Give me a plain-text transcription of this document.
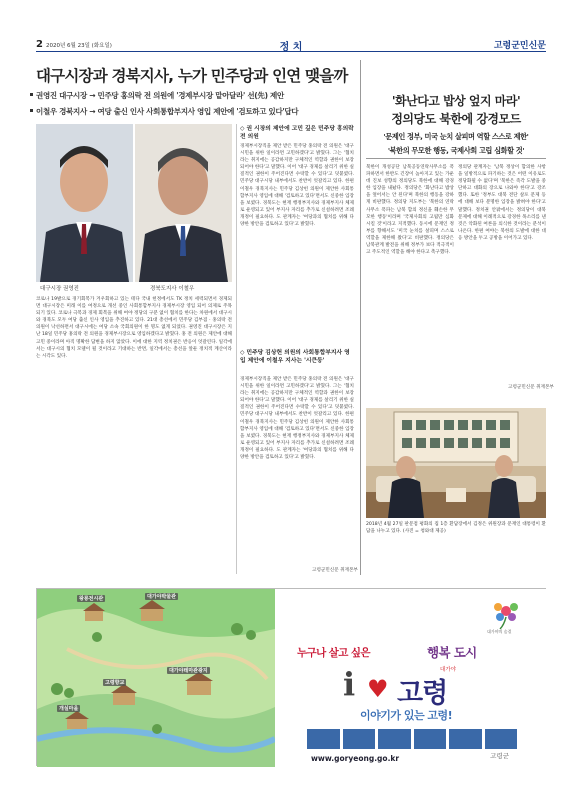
2 2020년 6월 23일 (화요일)	정 치	고령군민신문
대구시장과 경북지사, 누가 민주당과 인연 맺을까
권영진 대구시장 → 민주당 홍의락 전 의원에 '경제부시장 맡아달라' 선(先) 제안
이철우 경북지사 → 여당 출신 인사 사회통합부지사 영입 제안에 '검토하고 있다'답다
대구시장 권영진	경북도지사 이철우
◇ 권 시장의 제안에 고민 깊은 민주당 홍의락 전 의원
경제부시장직을 제안 받은 민주당 홍의락 전 의원은 '대구 시민을 위한 일이라면 고민하겠다'고 밝혔다. 그는 '협치라는 취지에는 공감하지만 구체적인 역할과 권한이 보장되어야 한다'고 말했다. 이어 '대구 경제를 살리기 위한 실질적인 권한이 주어진다면 수락할 수 있다'고 덧붙였다. 민주당 대구시당 내부에서도 찬반이 엇갈리고 있다. 한편 이철우 경북지사는 민주당 김상헌 의원이 제안한 사회통합부지사 영입에 대해 '검토하고 있다'면서도 신중한 입장을 보였다. 경북도는 현재 행정부지사와 경제부지사 체제로 운영되고 있어 부지사 자리를 추가로 신설하려면 조례 개정이 필요하다. 도 관계자는 '여당과의 협치를 위해 다양한 방안을 검토하고 있다'고 밝혔다.
◇ 민주당 김상헌 의원의 사회통합부지사 영입 제안에 이철우 지사는 '시큰둥'
경제부시장직을 제안 받은 민주당 홍의락 전 의원은 '대구 시민을 위한 일이라면 고민하겠다'고 밝혔다. 그는 '협치라는 취지에는 공감하지만 구체적인 역할과 권한이 보장되어야 한다'고 말했다. 이어 '대구 경제를 살리기 위한 실질적인 권한이 주어진다면 수락할 수 있다'고 덧붙였다. 민주당 대구시당 내부에서도 찬반이 엇갈리고 있다. 한편 이철우 경북지사는 민주당 김상헌 의원이 제안한 사회통합부지사 영입에 대해 '검토하고 있다'면서도 신중한 입장을 보였다. 경북도는 현재 행정부지사와 경제부지사 체제로 운영되고 있어 부지사 자리를 추가로 신설하려면 조례 개정이 필요하다. 도 관계자는 '여당과의 협치를 위해 다양한 방안을 검토하고 있다'고 밝혔다.
고령군민신문 취재본부
코로나 19발으로 경기회복가 겨우회하고 있는 테다 국내 헌정에서도 TK 정치 세력되면서 경제되면 대구시장은 미래 이를 여정으로 개선 중인 사회통합부지사 경제부시장 영입 되어 의제로 주목 되기 있다. 코로나 극복과 경제 회복을 위해 여야 정당의 구분 없이 협치를 한다는 차원에서 대구시와 경북도 모두 여당 출신 인사 영입을 추진하고 있다. 21대 총선에서 민주당 김부겸 · 홍의락 전 의원이 낙선하면서 대구시에는 여당 소속 국회의원이 한 명도 없게 되었다. 권영진 대구시장은 지난 18일 민주당 홍의락 전 의원을 경제부시장으로 영입하겠다고 밝혔다. 홍 전 의원은 제안에 대해 고민 중이라며 아직 명확한 답변을 하지 않았다. 이에 대한 지역 정치권은 반응이 엇갈린다. 일각에서는 대구시의 협치 모델이 될 것이라고 기대하는 반면, 일각에서는 총선을 앞둔 정치적 계산이라는 시각도 있다.
'화난다고 밥상 엎지 마라'
정의당도 북한에 강경모드
'문제인 정부, 미국 눈치 살피며 역할 스스로 제한'
'북한의 무모한 행동, 국제사회 고립 심화할 것'
북한이 개성공단 남북공동연락사무소를 폭파하면서 한반도 긴장이 높아지고 있는 가운데 진보 성향의 정의당도 북한에 대해 강경한 입장을 내놨다. 정의당은 '화난다고 밥상을 엎어서는 안 된다'며 북한의 행동을 강하게 비판했다. 정의당 지도부는 '북한의 연락사무소 폭파는 남북 합의 정신을 훼손한 무모한 행동'이라며 '국제사회의 고립만 심화시킬 것'이라고 지적했다. 동시에 문재인 정부를 향해서도 '미국 눈치를 살피며 스스로 역할을 제한해 왔다'고 비판했다. 정의당은 남북관계 발전을 위해 정부가 보다 적극적이고 주도적인 역할을 해야 한다고 촉구했다.
정의당 관계자는 '남북 정상이 합의한 사항을 일방적으로 파기하는 것은 어떤 이유로도 정당화될 수 없다'며 '북한은 즉각 도발을 중단하고 대화의 장으로 나와야 한다'고 강조했다. 또한 '정부도 대북 전단 살포 문제 등에 대해 보다 분명한 입장을 밝혀야 한다'고 말했다. 정치권 안팎에서는 정의당이 대북 문제에 대해 이례적으로 강경한 목소리를 낸 것은 악화된 여론을 의식한 것이라는 분석이 나온다. 한편 여야는 북한의 도발에 대한 대응 방안을 두고 공방을 이어가고 있다.
고령군민신문 취재본부
2018년 4월 27일 판문점 평화의 집 1층 환담장에서 김정은 위원장과 문재인 대통령이 환담을 나누고 있다. (사진 = 청와대 제공)
왕릉전시관	대가야박물관
대가야테마관광지
고령향교
개실마을
대가야의 숨결
누구나 살고 싶은	행복 도시
i ♥
대가야
고령
이야기가 있는 고령!
www.goryeong.go.kr	고령군
